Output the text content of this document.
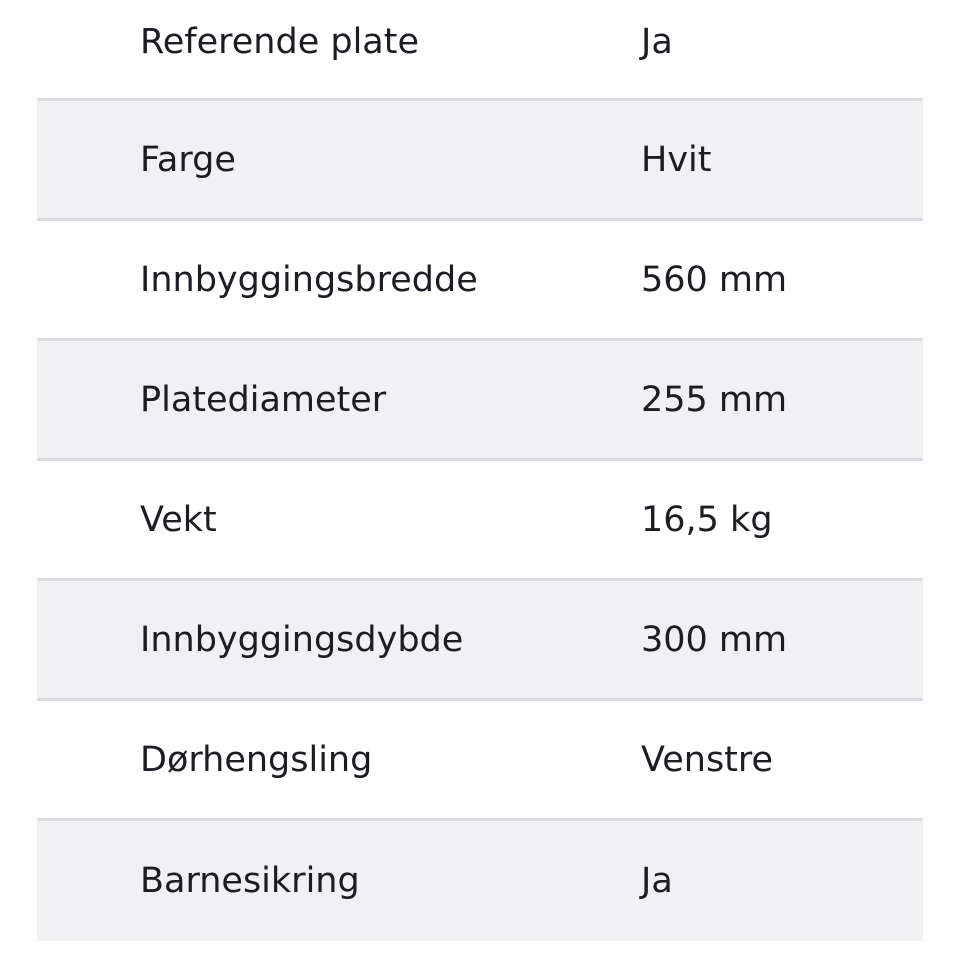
Referende plate	Ja
Farge	Hvit
Innbyggingsbredde	560 mm
Platediameter	255 mm
Vekt	16,5 kg
Innbyggingsdybde	300 mm
Dørhengsling	Venstre
Barnesikring	Ja
